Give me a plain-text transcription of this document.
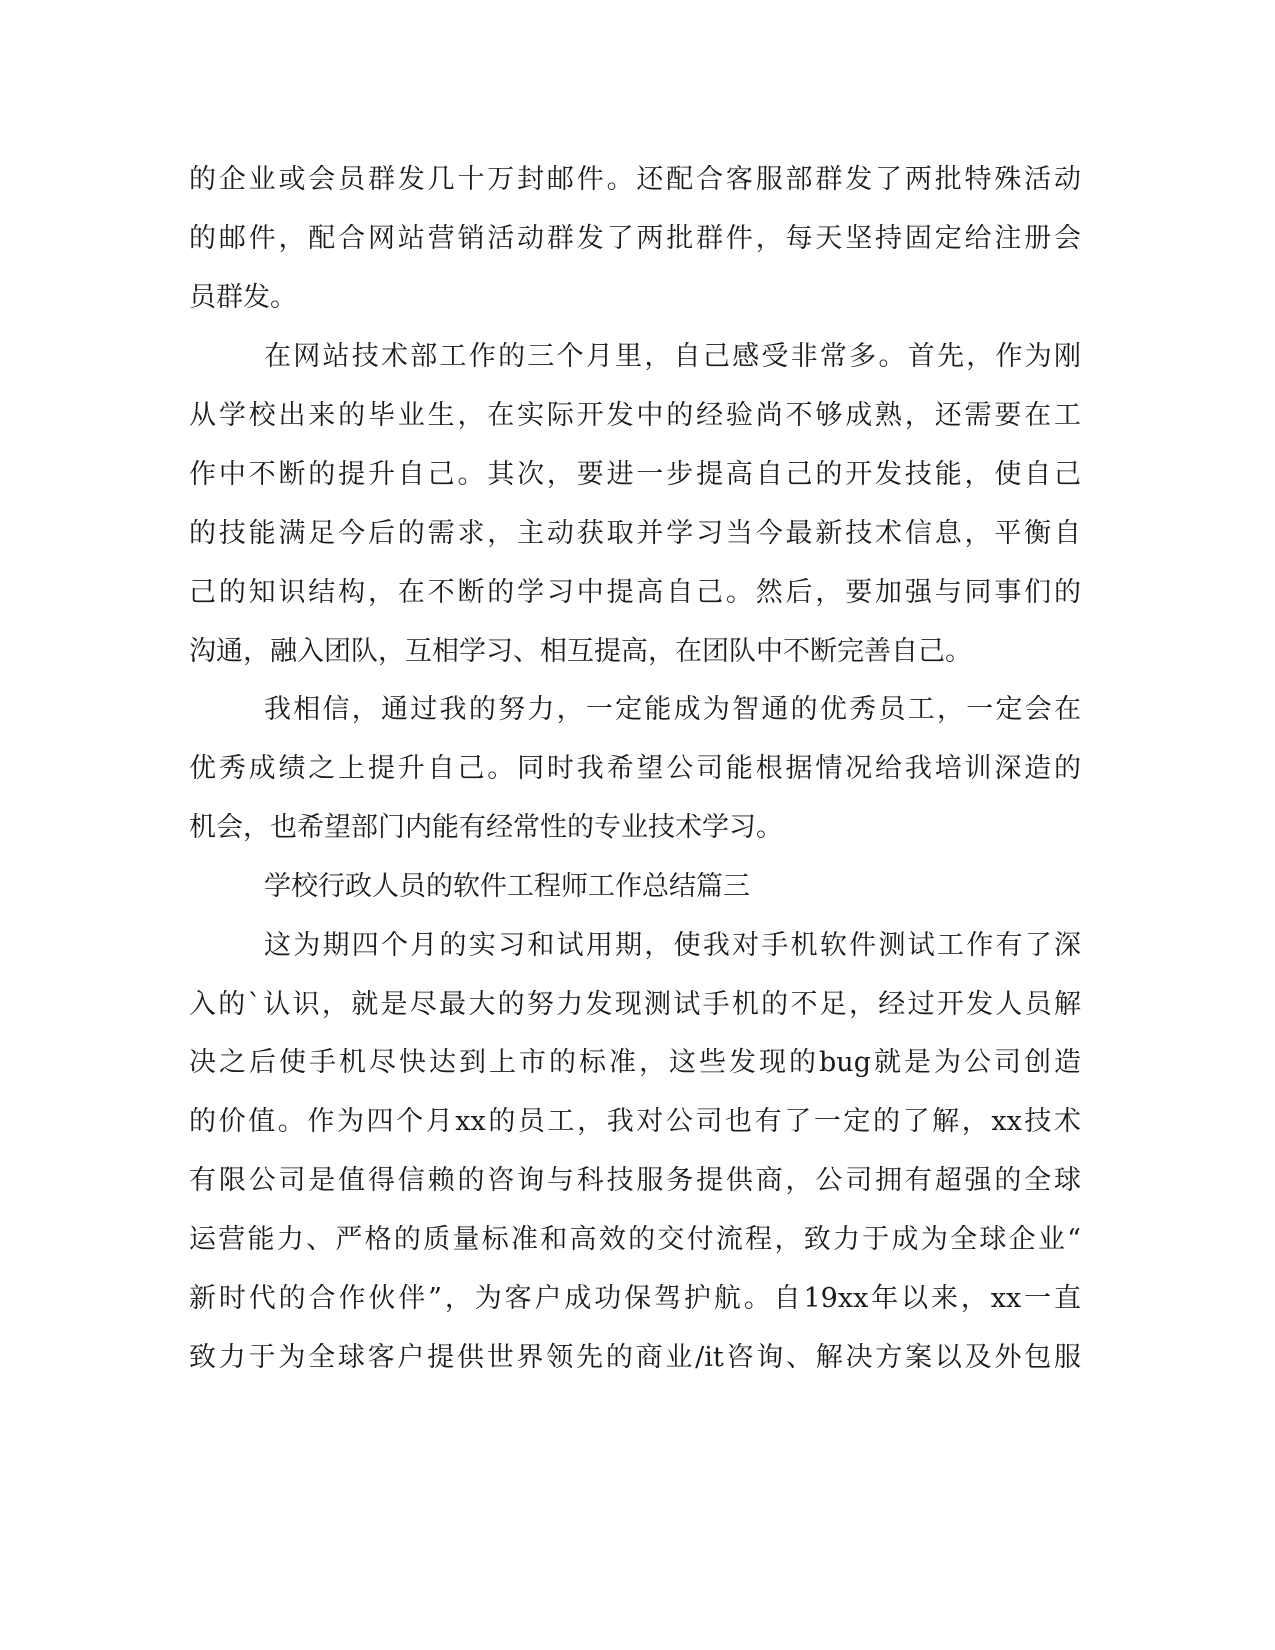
的企业或会员群发几十万封邮件。还配合客服部群发了两批特殊活动

的邮件，配合网站营销活动群发了两批群件，每天坚持固定给注册会

员群发。

在网站技术部工作的三个月里，自己感受非常多。首先，作为刚

从学校出来的毕业生，在实际开发中的经验尚不够成熟，还需要在工

作中不断的提升自己。其次，要进一步提高自己的开发技能，使自己

的技能满足今后的需求，主动获取并学习当今最新技术信息，平衡自

己的知识结构，在不断的学习中提高自己。然后，要加强与同事们的

沟通，融入团队，互相学习、相互提高，在团队中不断完善自己。

我相信，通过我的努力，一定能成为智通的优秀员工，一定会在

优秀成绩之上提升自己。同时我希望公司能根据情况给我培训深造的

机会，也希望部门内能有经常性的专业技术学习。

学校行政人员的软件工程师工作总结篇三

这为期四个月的实习和试用期，使我对手机软件测试工作有了深

入的`认识，就是尽最大的努力发现测试手机的不足，经过开发人员解

决之后使手机尽快达到上市的标准，这些发现的bug就是为公司创造

的价值。作为四个月xx的员工，我对公司也有了一定的了解，xx技术

有限公司是值得信赖的咨询与科技服务提供商，公司拥有超强的全球

运营能力、严格的质量标准和高效的交付流程，致力于成为全球企业“

新时代的合作伙伴”，为客户成功保驾护航。自19xx年以来，xx一直

致力于为全球客户提供世界领先的商业/it咨询、解决方案以及外包服
